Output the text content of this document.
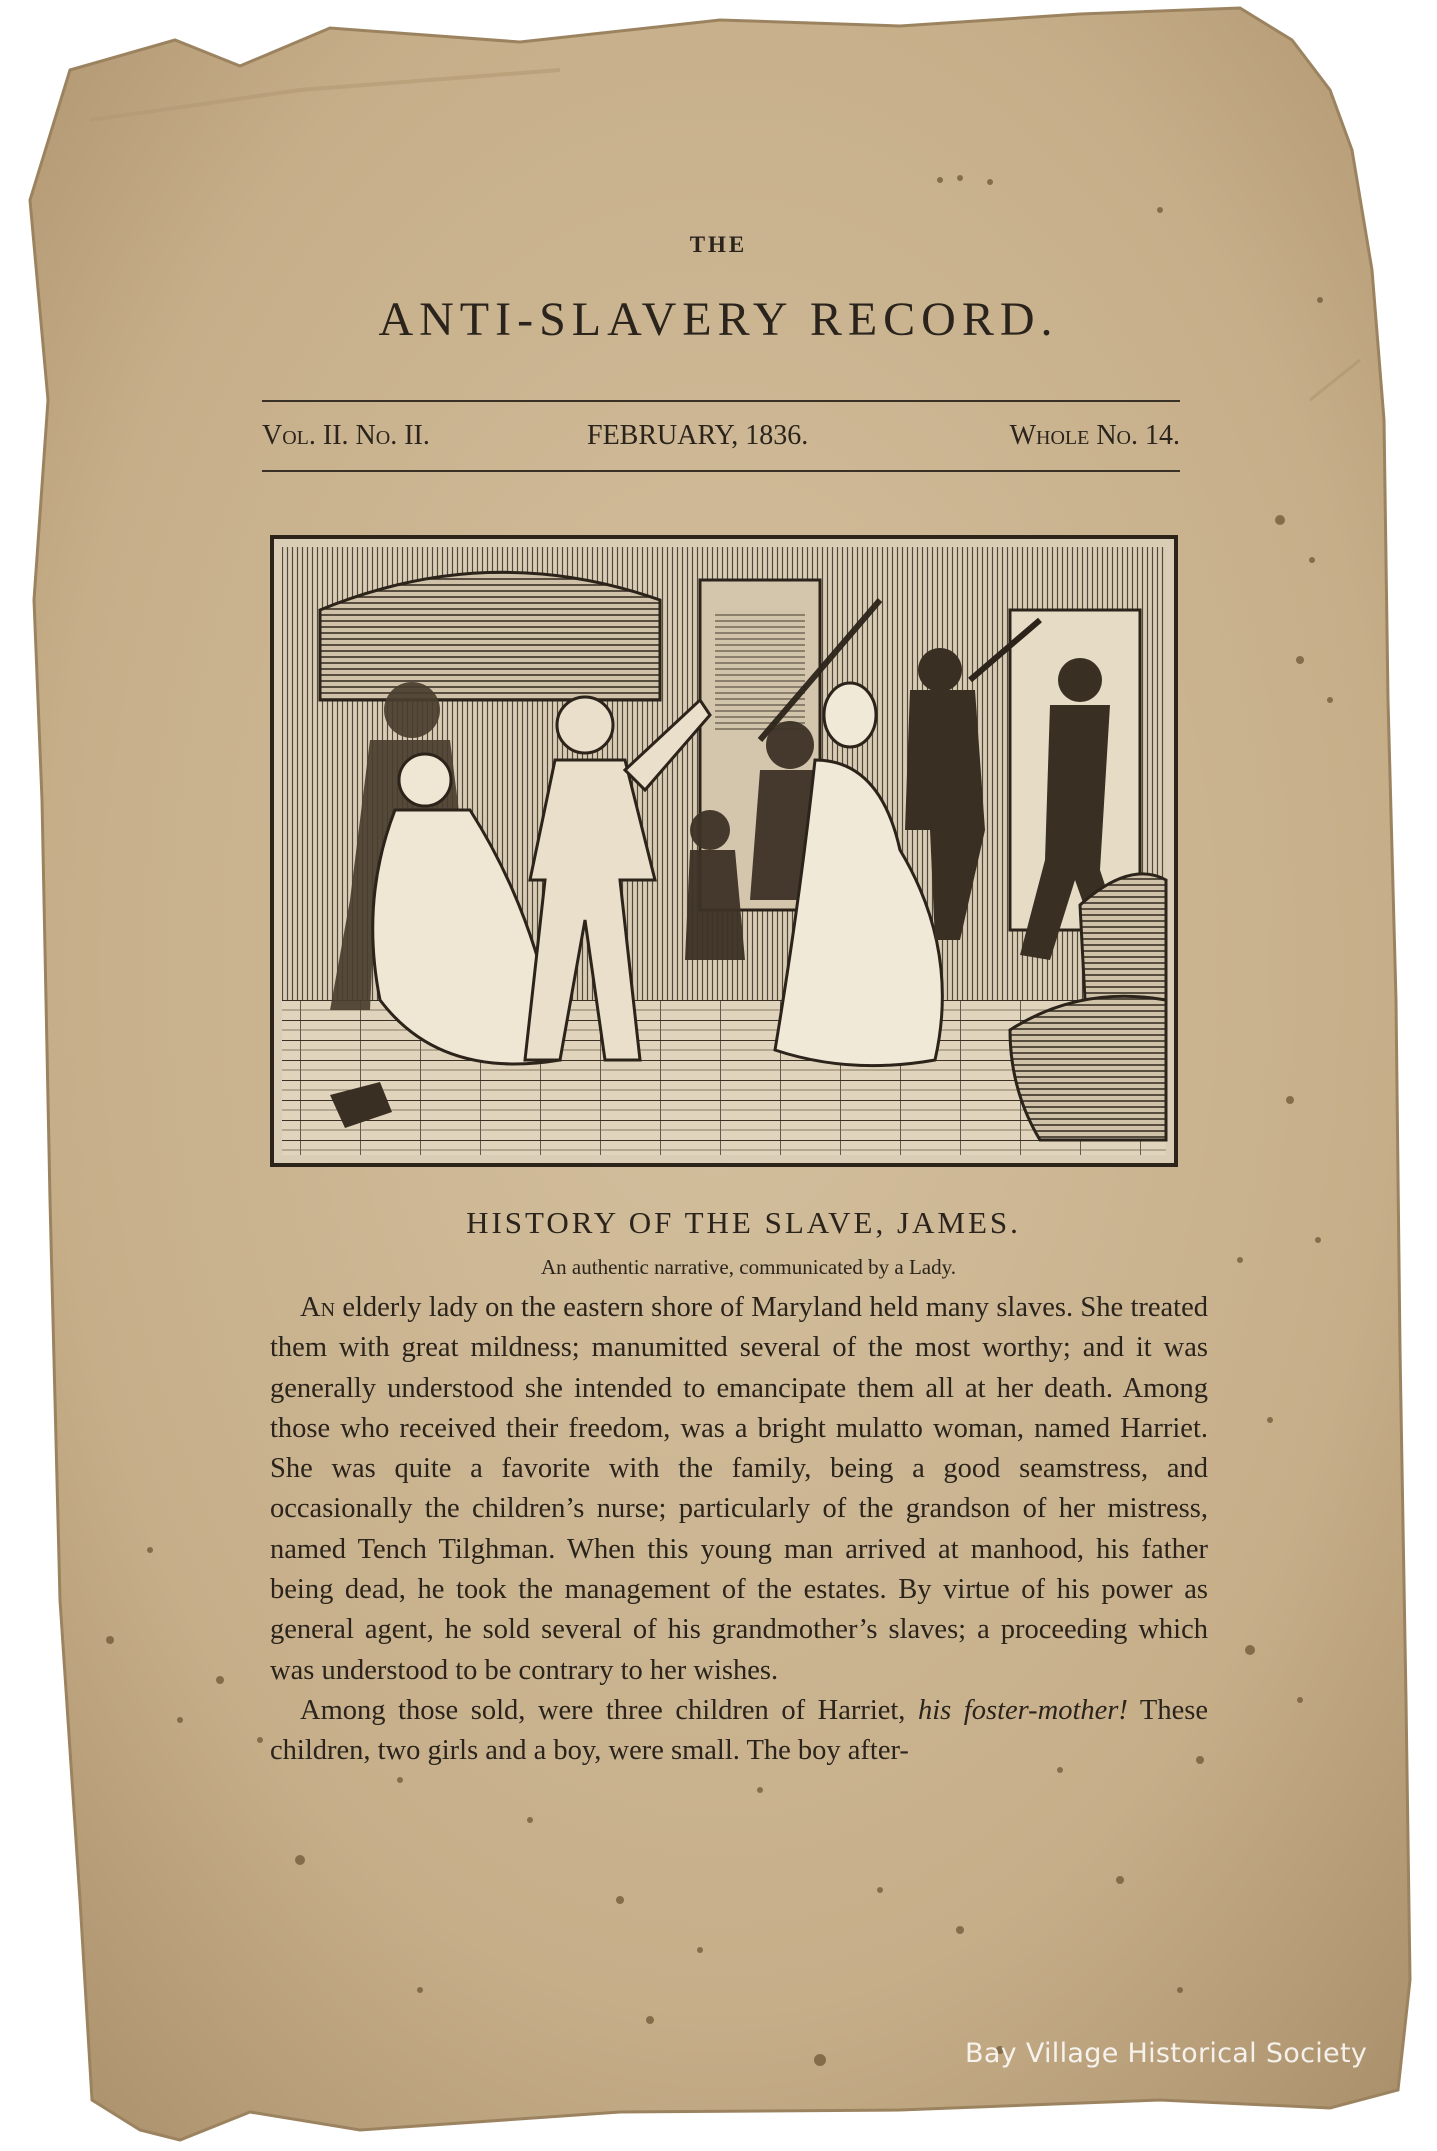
THE
ANTI-SLAVERY RECORD.
Vol. II. No. II.	FEBRUARY, 1836.	Whole No. 14.
HISTORY OF THE SLAVE, JAMES.
An authentic narrative, communicated by a Lady.

An elderly lady on the eastern shore of Maryland held many slaves. She treated them with great mildness; manumitted several of the most worthy; and it was generally understood she intended to emancipate them all at her death. Among those who received their freedom, was a bright mulatto woman, named Harriet. She was quite a favorite with the family, being a good seamstress, and occasionally the children’s nurse; particularly of the grandson of her mistress, named Tench Tilghman. When this young man arrived at manhood, his father being dead, he took the management of the estates. By virtue of his power as general agent, he sold several of his grandmother’s slaves; a proceeding which was understood to be contrary to her wishes.

Among those sold, were three children of Harriet, his foster-mother! These children, two girls and a boy, were small. The boy after-

Bay Village Historical Society
